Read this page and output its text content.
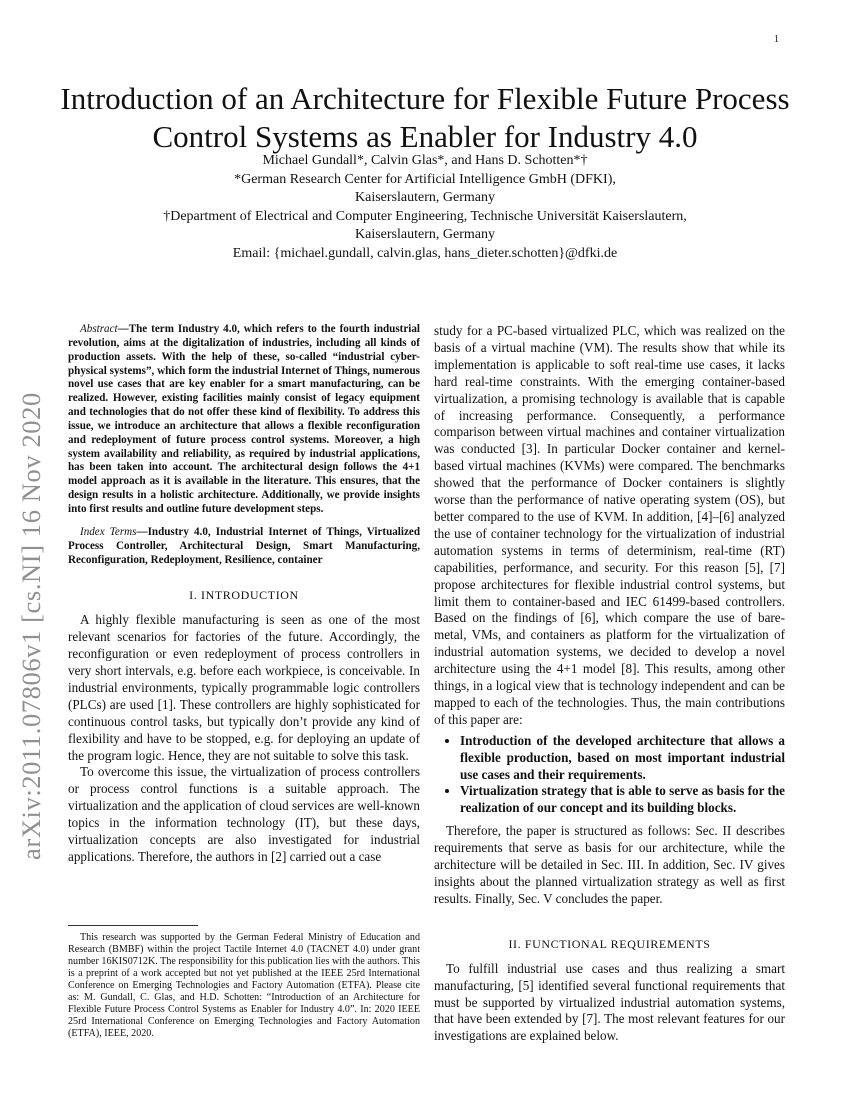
1
arXiv:2011.07806v1 [cs.NI] 16 Nov 2020
Introduction of an Architecture for Flexible Future Process Control Systems as Enabler for Industry 4.0
Michael Gundall*, Calvin Glas*, and Hans D. Schotten*†
*German Research Center for Artificial Intelligence GmbH (DFKI),
Kaiserslautern, Germany
†Department of Electrical and Computer Engineering, Technische Universität Kaiserslautern,
Kaiserslautern, Germany
Email: {michael.gundall, calvin.glas, hans_dieter.schotten}@dfki.de

Abstract—The term Industry 4.0, which refers to the fourth industrial revolution, aims at the digitalization of industries, including all kinds of production assets. With the help of these, so-called “industrial cyber-physical systems”, which form the industrial Internet of Things, numerous novel use cases that are key enabler for a smart manufacturing, can be realized. However, existing facilities mainly consist of legacy equipment and technologies that do not offer these kind of flexibility. To address this issue, we introduce an architecture that allows a flexible reconfiguration and redeployment of future process control systems. Moreover, a high system availability and reliability, as required by industrial applications, has been taken into account. The architectural design follows the 4+1 model approach as it is available in the literature. This ensures, that the design results in a holistic architecture. Additionally, we provide insights into first results and outline future development steps.

Index Terms—Industry 4.0, Industrial Internet of Things, Virtualized Process Controller, Architectural Design, Smart Manufacturing, Reconfiguration, Redeployment, Resilience, container

I. INTRODUCTION

A highly flexible manufacturing is seen as one of the most relevant scenarios for factories of the future. Accordingly, the reconfiguration or even redeployment of process controllers in very short intervals, e.g. before each workpiece, is conceivable. In industrial environments, typically programmable logic controllers (PLCs) are used [1]. These controllers are highly sophisticated for continuous control tasks, but typically don’t provide any kind of flexibility and have to be stopped, e.g. for deploying an update of the program logic. Hence, they are not suitable to solve this task.

To overcome this issue, the virtualization of process controllers or process control functions is a suitable approach. The virtualization and the application of cloud services are well-known topics in the information technology (IT), but these days, virtualization concepts are also investigated for industrial applications. Therefore, the authors in [2] carried out a case

This research was supported by the German Federal Ministry of Education and Research (BMBF) within the project Tactile Internet 4.0 (TACNET 4.0) under grant number 16KIS0712K. The responsibility for this publication lies with the authors. This is a preprint of a work accepted but not yet published at the IEEE 25rd International Conference on Emerging Technologies and Factory Automation (ETFA). Please cite as: M. Gundall, C. Glas, and H.D. Schotten: “Introduction of an Architecture for Flexible Future Process Control Systems as Enabler for Industry 4.0”. In: 2020 IEEE 25rd International Conference on Emerging Technologies and Factory Automation (ETFA), IEEE, 2020.

study for a PC-based virtualized PLC, which was realized on the basis of a virtual machine (VM). The results show that while its implementation is applicable to soft real-time use cases, it lacks hard real-time constraints. With the emerging container-based virtualization, a promising technology is available that is capable of increasing performance. Consequently, a performance comparison between virtual machines and container virtualization was conducted [3]. In particular Docker container and kernel-based virtual machines (KVMs) were compared. The benchmarks showed that the performance of Docker containers is slightly worse than the performance of native operating system (OS), but better compared to the use of KVM. In addition, [4]–[6] analyzed the use of container technology for the virtualization of industrial automation systems in terms of determinism, real-time (RT) capabilities, performance, and security. For this reason [5], [7] propose architectures for flexible industrial control systems, but limit them to container-based and IEC 61499-based controllers. Based on the findings of [6], which compare the use of bare-metal, VMs, and containers as platform for the virtualization of industrial automation systems, we decided to develop a novel architecture using the 4+1 model [8]. This results, among other things, in a logical view that is technology independent and can be mapped to each of the technologies. Thus, the main contributions of this paper are:

• Introduction of the developed architecture that allows a flexible production, based on most important industrial use cases and their requirements.
• Virtualization strategy that is able to serve as basis for the realization of our concept and its building blocks.

Therefore, the paper is structured as follows: Sec. II describes requirements that serve as basis for our architecture, while the architecture will be detailed in Sec. III. In addition, Sec. IV gives insights about the planned virtualization strategy as well as first results. Finally, Sec. V concludes the paper.

II. FUNCTIONAL REQUIREMENTS

To fulfill industrial use cases and thus realizing a smart manufacturing, [5] identified several functional requirements that must be supported by virtualized industrial automation systems, that have been extended by [7]. The most relevant features for our investigations are explained below.
